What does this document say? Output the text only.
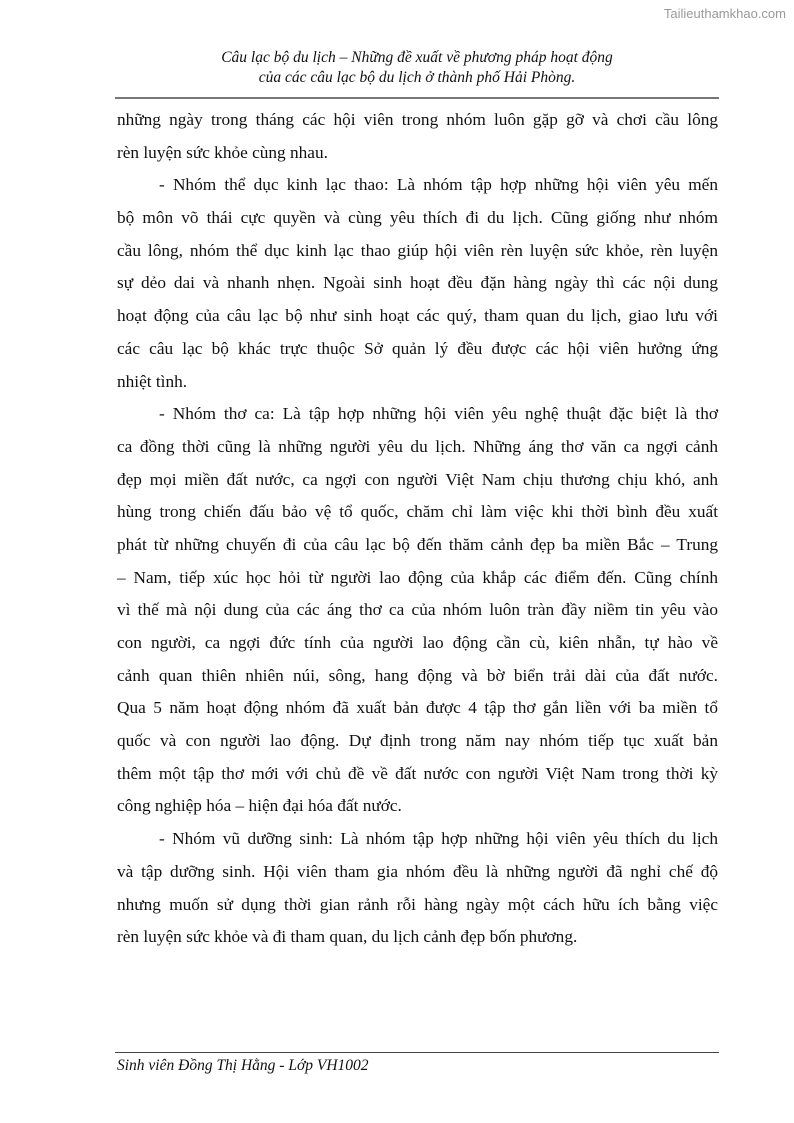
Tailieuthamkhao.com
Câu lạc bộ du lịch – Những đề xuất về phương pháp hoạt động
của các câu lạc bộ du lịch ở thành phố Hải Phòng.
những ngày trong tháng các hội viên trong nhóm luôn gặp gỡ và chơi cầu lông
rèn luyện sức khỏe cùng nhau.
- Nhóm thể dục kinh lạc thao: Là nhóm tập hợp những hội viên yêu mến
bộ môn võ thái cực quyền và cùng yêu thích đi du lịch. Cũng giống như nhóm
cầu lông, nhóm thể dục kinh lạc thao giúp hội viên rèn luyện sức khỏe, rèn luyện
sự dẻo dai và nhanh nhẹn. Ngoài sinh hoạt đều đặn hàng ngày thì các nội dung
hoạt động của câu lạc bộ như sinh hoạt các quý, tham quan du lịch, giao lưu với
các câu lạc bộ khác trực thuộc Sở quản lý đều được các hội viên hưởng ứng
nhiệt tình.
- Nhóm thơ ca: Là tập hợp những hội viên yêu nghệ thuật đặc biệt là thơ
ca đồng thời cũng là những người yêu du lịch. Những áng thơ văn ca ngợi cảnh
đẹp mọi miền đất nước, ca ngợi con người Việt Nam chịu thương chịu khó, anh
hùng trong chiến đấu bảo vệ tổ quốc, chăm chỉ làm việc khi thời bình đều xuất
phát từ những chuyến đi của câu lạc bộ đến thăm cảnh đẹp ba miền Bắc – Trung
– Nam, tiếp xúc học hỏi từ người lao động của khắp các điểm đến. Cũng chính
vì thế mà nội dung của các áng thơ ca của nhóm luôn tràn đầy niềm tin yêu vào
con người, ca ngợi đức tính của người lao động cần cù, kiên nhẫn, tự hào về
cảnh quan thiên nhiên núi, sông, hang động và bờ biển trải dài của đất nước.
Qua 5 năm hoạt động nhóm đã xuất bản được 4 tập thơ gắn liền với ba miền tổ
quốc và con người lao động. Dự định trong năm nay nhóm tiếp tục xuất bản
thêm một tập thơ mới với chủ đề về đất nước con người Việt Nam trong thời kỳ
công nghiệp hóa – hiện đại hóa đất nước.
- Nhóm vũ dưỡng sinh: Là nhóm tập hợp những hội viên yêu thích du lịch
và tập dưỡng sinh. Hội viên tham gia nhóm đều là những người đã nghỉ chế độ
nhưng muốn sử dụng thời gian rảnh rỗi hàng ngày một cách hữu ích bằng việc
rèn luyện sức khỏe và đi tham quan, du lịch cảnh đẹp bốn phương.
Sinh viên Đồng Thị Hằng - Lớp VH1002
